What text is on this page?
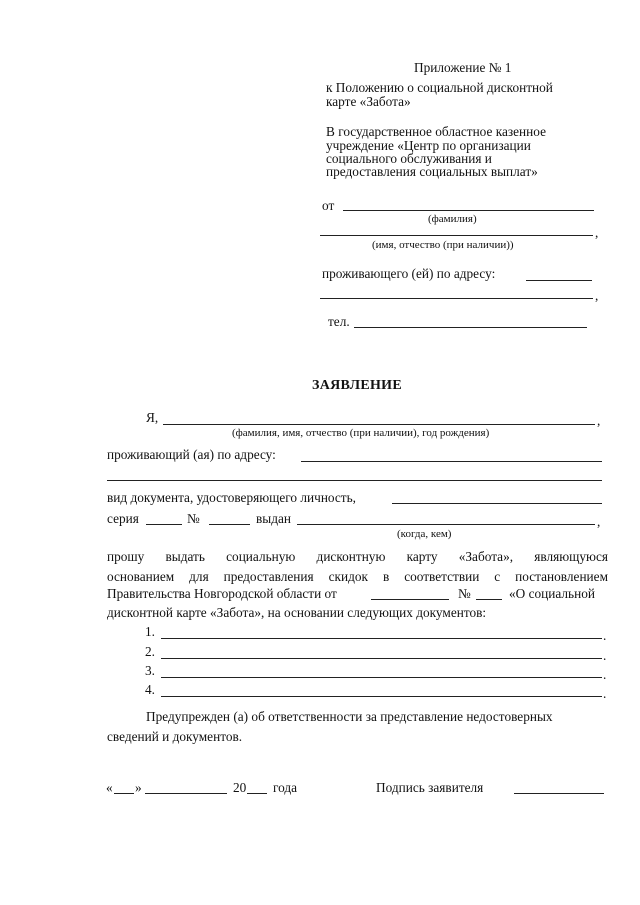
Приложение № 1
к Положению о социальной дисконтной
карте «Забота»
В государственное областное казенное
учреждение «Центр по организации
социального обслуживания и
предоставления социальных выплат»
от
(фамилия)
,
(имя, отчество (при наличии))
проживающего (ей) по адресу:
,
тел.
ЗАЯВЛЕНИЕ
Я,	,
(фамилия, имя, отчество (при наличии), год рождения)
проживающий (ая) по адресу:
вид документа, удостоверяющего личность,
серия	№	выдан	,
(когда, кем)
прошу выдать социальную дисконтную карту «Забота», являющуюся
основанием для предоставления скидок в соответствии с постановлением
Правительства Новгородской области от	№	«О социальной
дисконтной карте «Забота», на основании следующих документов:
1.	.
2.	.
3.	.
4.	.
Предупрежден (а) об ответственности за представление недостоверных
сведений и документов.
« »	20 года	Подпись заявителя
